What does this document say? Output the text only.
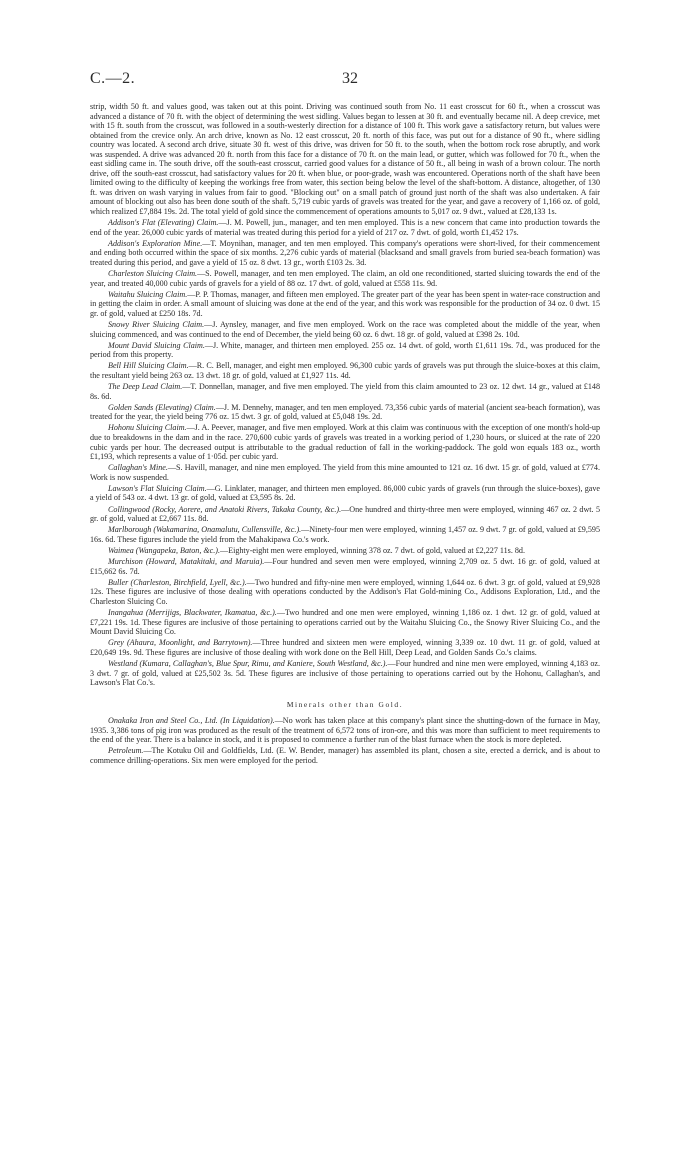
C.—2.	32

strip, width 50 ft. and values good, was taken out at this point. Driving was continued south from No. 11 east crosscut for 60 ft., when a crosscut was advanced a distance of 70 ft. with the object of determining the west sidling. Values began to lessen at 30 ft. and eventually became nil. A deep crevice, met with 15 ft. south from the crosscut, was followed in a south-westerly direction for a distance of 100 ft. This work gave a satisfactory return, but values were obtained from the crevice only. An arch drive, known as No. 12 east crosscut, 20 ft. north of this face, was put out for a distance of 90 ft., where sidling country was located. A second arch drive, situate 30 ft. west of this drive, was driven for 50 ft. to the south, when the bottom rock rose abruptly, and work was suspended. A drive was advanced 20 ft. north from this face for a distance of 70 ft. on the main lead, or gutter, which was followed for 70 ft., when the east sidling came in. The south drive, off the south-east crosscut, carried good values for a distance of 50 ft., all being in wash of a brown colour. The north drive, off the south-east crosscut, had satisfactory values for 20 ft. when blue, or poor-grade, wash was encountered. Operations north of the shaft have been limited owing to the difficulty of keeping the workings free from water, this section being below the level of the shaft-bottom. A distance, altogether, of 130 ft. was driven on wash varying in values from fair to good. "Blocking out" on a small patch of ground just north of the shaft was also undertaken. A fair amount of blocking out also has been done south of the shaft. 5,719 cubic yards of gravels was treated for the year, and gave a recovery of 1,166 oz. of gold, which realized £7,884 19s. 2d. The total yield of gold since the commencement of operations amounts to 5,017 oz. 9 dwt., valued at £28,133 1s.

Addison's Flat (Elevating) Claim.—J. M. Powell, jun., manager, and ten men employed. This is a new concern that came into production towards the end of the year. 26,000 cubic yards of material was treated during this period for a yield of 217 oz. 7 dwt. of gold, worth £1,452 17s.

Addison's Exploration Mine.—T. Moynihan, manager, and ten men employed. This company's operations were short-lived, for their commencement and ending both occurred within the space of six months. 2,276 cubic yards of material (blacksand and small gravels from buried sea-beach formation) was treated during this period, and gave a yield of 15 oz. 8 dwt. 13 gr., worth £103 2s. 3d.

Charleston Sluicing Claim.—S. Powell, manager, and ten men employed. The claim, an old one reconditioned, started sluicing towards the end of the year, and treated 40,000 cubic yards of gravels for a yield of 88 oz. 17 dwt. of gold, valued at £558 11s. 9d.

Waitahu Sluicing Claim.—P. P. Thomas, manager, and fifteen men employed. The greater part of the year has been spent in water-race construction and in getting the claim in order. A small amount of sluicing was done at the end of the year, and this work was responsible for the production of 34 oz. 0 dwt. 15 gr. of gold, valued at £250 18s. 7d.

Snowy River Sluicing Claim.—J. Aynsley, manager, and five men employed. Work on the race was completed about the middle of the year, when sluicing commenced, and was continued to the end of December, the yield being 60 oz. 6 dwt. 18 gr. of gold, valued at £398 2s. 10d.

Mount David Sluicing Claim.—J. White, manager, and thirteen men employed. 255 oz. 14 dwt. of gold, worth £1,611 19s. 7d., was produced for the period from this property.

Bell Hill Sluicing Claim.—R. C. Bell, manager, and eight men employed. 96,300 cubic yards of gravels was put through the sluice-boxes at this claim, the resultant yield being 263 oz. 13 dwt. 18 gr. of gold, valued at £1,927 11s. 4d.

The Deep Lead Claim.—T. Donnellan, manager, and five men employed. The yield from this claim amounted to 23 oz. 12 dwt. 14 gr., valued at £148 8s. 6d.

Golden Sands (Elevating) Claim.—J. M. Dennehy, manager, and ten men employed. 73,356 cubic yards of material (ancient sea-beach formation), was treated for the year, the yield being 776 oz. 15 dwt. 3 gr. of gold, valued at £5,048 19s. 2d.

Hohonu Sluicing Claim.—J. A. Peever, manager, and five men employed. Work at this claim was continuous with the exception of one month's hold-up due to breakdowns in the dam and in the race. 270,600 cubic yards of gravels was treated in a working period of 1,230 hours, or sluiced at the rate of 220 cubic yards per hour. The decreased output is attributable to the gradual reduction of fall in the working-paddock. The gold won equals 183 oz., worth £1,193, which represents a value of 1·05d. per cubic yard.

Callaghan's Mine.—S. Havill, manager, and nine men employed. The yield from this mine amounted to 121 oz. 16 dwt. 15 gr. of gold, valued at £774. Work is now suspended.

Lawson's Flat Sluicing Claim.—G. Linklater, manager, and thirteen men employed. 86,000 cubic yards of gravels (run through the sluice-boxes), gave a yield of 543 oz. 4 dwt. 13 gr. of gold, valued at £3,595 8s. 2d.

Collingwood (Rocky, Aorere, and Anatoki Rivers, Takaka County, &c.).—One hundred and thirty-three men were employed, winning 467 oz. 2 dwt. 5 gr. of gold, valued at £2,667 11s. 8d.

Marlborough (Wakamarina, Onamalutu, Cullensville, &c.).—Ninety-four men were employed, winning 1,457 oz. 9 dwt. 7 gr. of gold, valued at £9,595 16s. 6d. These figures include the yield from the Mahakipawa Co.'s work.

Waimea (Wangapeka, Baton, &c.).—Eighty-eight men were employed, winning 378 oz. 7 dwt. of gold, valued at £2,227 11s. 8d.

Murchison (Howard, Matakitaki, and Maruia).—Four hundred and seven men were employed, winning 2,709 oz. 5 dwt. 16 gr. of gold, valued at £15,662 6s. 7d.

Buller (Charleston, Birchfield, Lyell, &c.).—Two hundred and fifty-nine men were employed, winning 1,644 oz. 6 dwt. 3 gr. of gold, valued at £9,928 12s. These figures are inclusive of those dealing with operations conducted by the Addison's Flat Gold-mining Co., Addisons Exploration, Ltd., and the Charleston Sluicing Co.

Inangahua (Merrijigs, Blackwater, Ikamatua, &c.).—Two hundred and one men were employed, winning 1,186 oz. 1 dwt. 12 gr. of gold, valued at £7,221 19s. 1d. These figures are inclusive of those pertaining to operations carried out by the Waitahu Sluicing Co., the Snowy River Sluicing Co., and the Mount David Sluicing Co.

Grey (Ahaura, Moonlight, and Barrytown).—Three hundred and sixteen men were employed, winning 3,339 oz. 10 dwt. 11 gr. of gold, valued at £20,649 19s. 9d. These figures are inclusive of those dealing with work done on the Bell Hill, Deep Lead, and Golden Sands Co.'s claims.

Westland (Kumara, Callaghan's, Blue Spur, Rimu, and Kaniere, South Westland, &c.).—Four hundred and nine men were employed, winning 4,183 oz. 3 dwt. 7 gr. of gold, valued at £25,502 3s. 5d. These figures are inclusive of those pertaining to operations carried out by the Hohonu, Callaghan's, and Lawson's Flat Co.'s.

Minerals other than Gold.

Onakaka Iron and Steel Co., Ltd. (In Liquidation).—No work has taken place at this company's plant since the shutting-down of the furnace in May, 1935. 3,386 tons of pig iron was produced as the result of the treatment of 6,572 tons of iron-ore, and this was more than sufficient to meet requirements to the end of the year. There is a balance in stock, and it is proposed to commence a further run of the blast furnace when the stock is more depleted.

Petroleum.—The Kotuku Oil and Goldfields, Ltd. (E. W. Bender, manager) has assembled its plant, chosen a site, erected a derrick, and is about to commence drilling-operations. Six men were employed for the period.
